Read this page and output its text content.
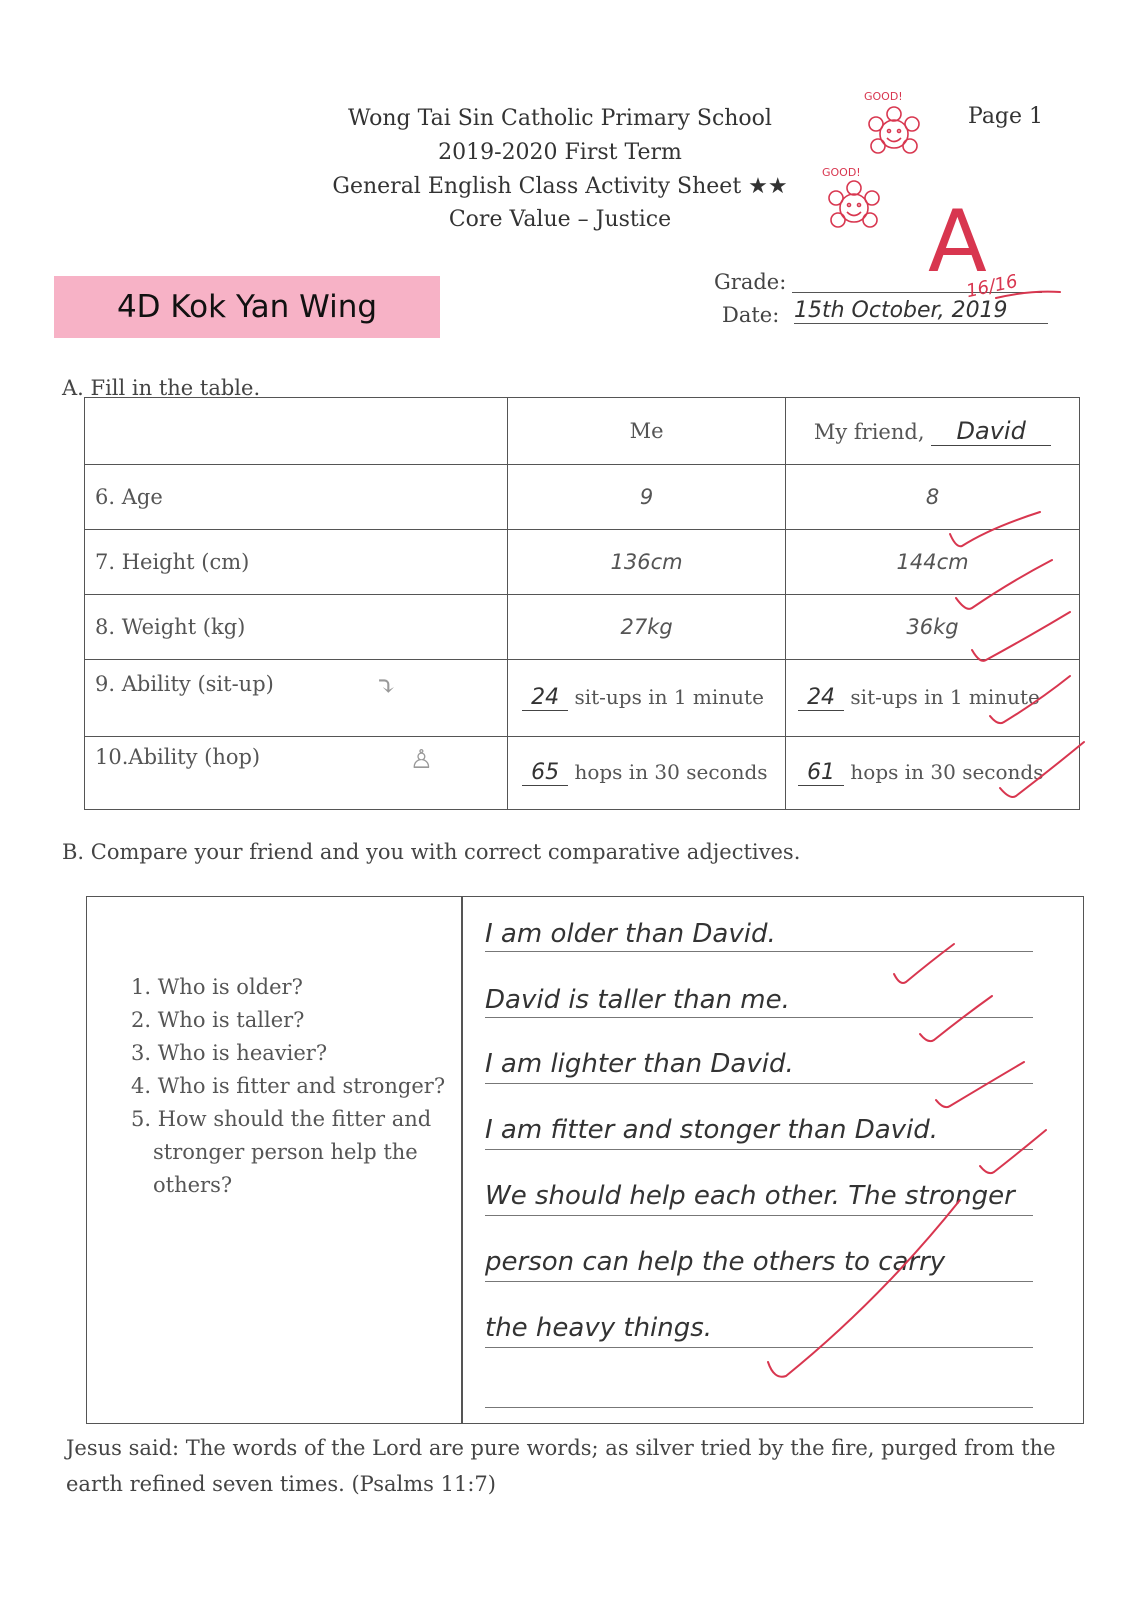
Wong Tai Sin Catholic Primary School
2019-2020 First Term
General English Class Activity Sheet ★★
Core Value – Justice
Page 1
GOOD!
GOOD!
4D Kok Yan Wing
Grade: A
16/16
Date: 15th October, 2019
A. Fill in the table.
	Me	My friend, David
6. Age	9	8
7. Height (cm)	136cm	144cm
8. Weight (kg)	27kg	36kg
9. Ability (sit-up) ⤵	24 sit-ups in 1 minute	24 sit-ups in 1 minute
10.Ability (hop) ♙	65 hops in 30 seconds	61 hops in 30 seconds
B. Compare your friend and you with correct comparative adjectives.
1. Who is older?
2. Who is taller?
3. Who is heavier?
4. Who is fitter and stronger?
5. How should the fitter and
stronger person help the
others?
I am older than David.
David is taller than me.
I am lighter than David.
I am fitter and stonger than David.
We should help each other. The stronger
person can help the others to carry
the heavy things.
Jesus said: The words of the Lord are pure words; as silver tried by the fire, purged from the earth refined seven times. (Psalms 11:7)
